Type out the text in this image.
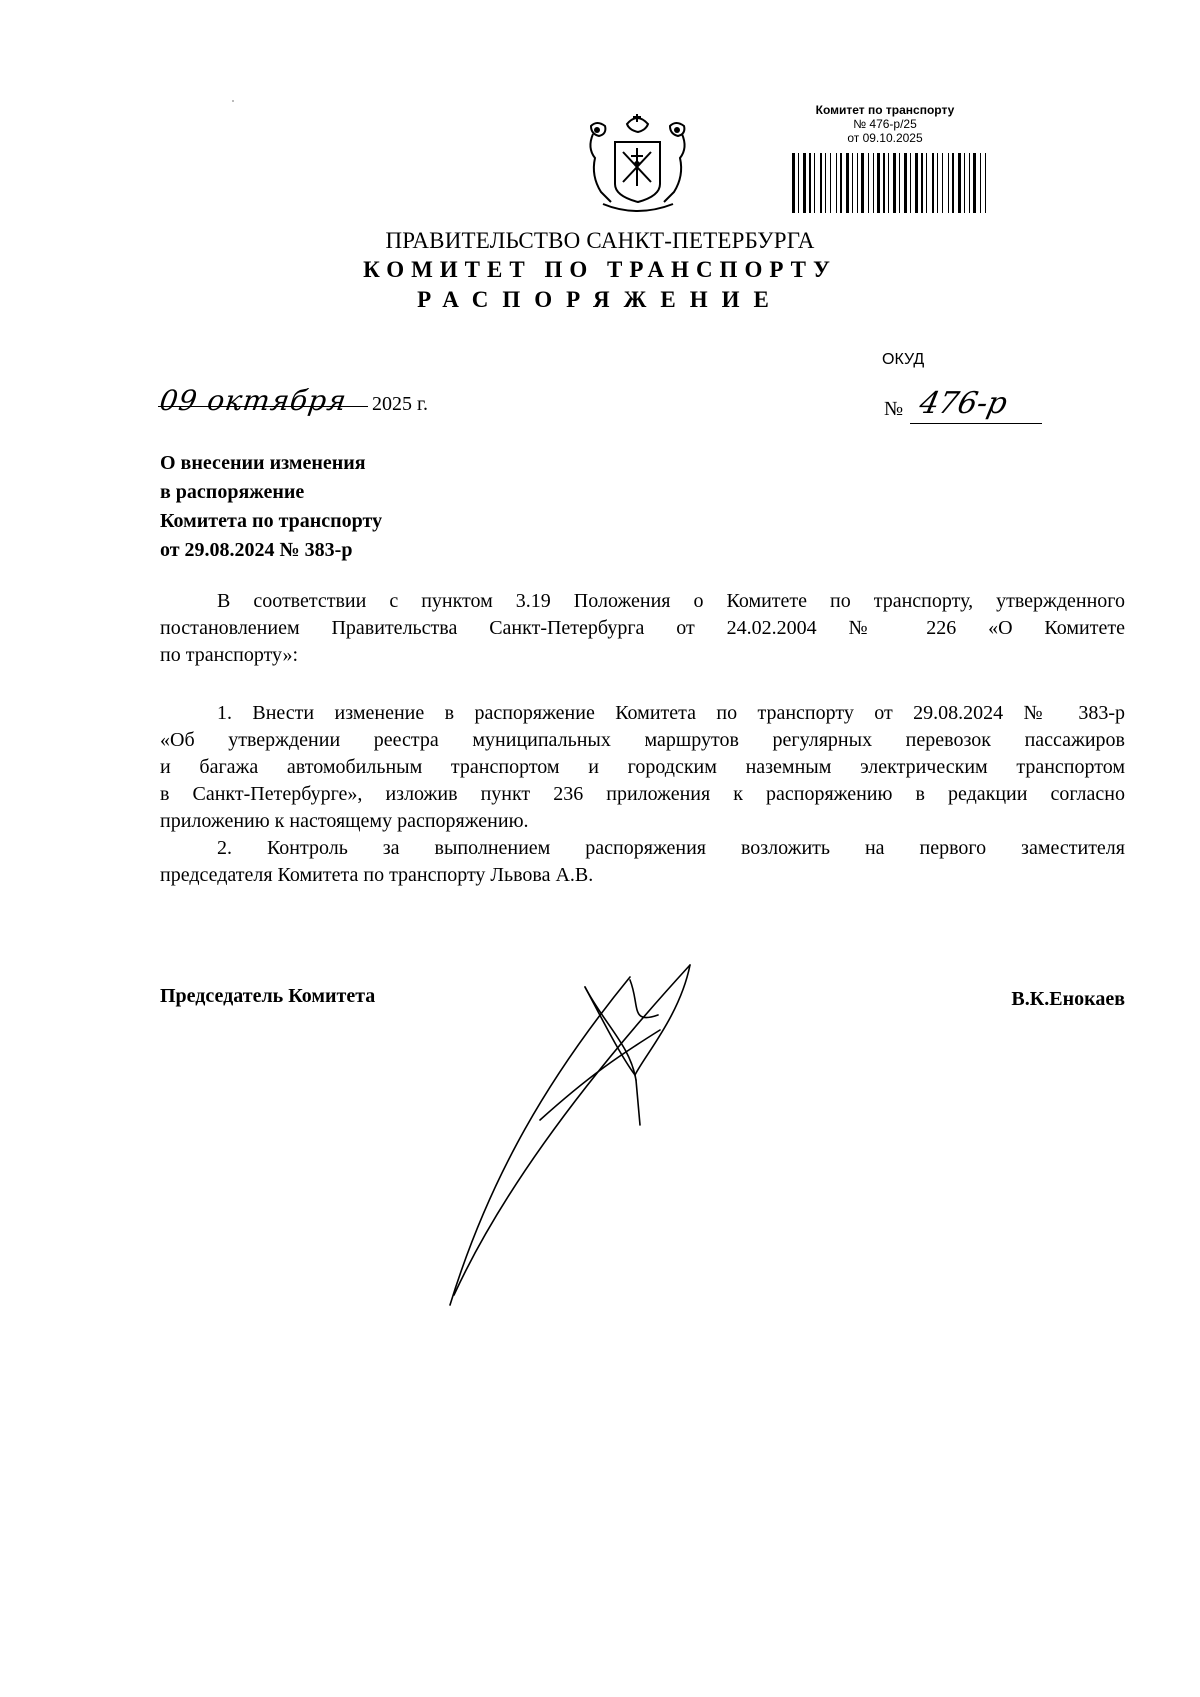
Комитет по транспорту
№ 476-р/25
от 09.10.2025
ПРАВИТЕЛЬСТВО САНКТ-ПЕТЕРБУРГА
КОМИТЕТ ПО ТРАНСПОРТУ
РАСПОРЯЖЕНИЕ
ОКУД
09 октября 2025 г.	№ 476-р
О внесении изменения
в распоряжение
Комитета по транспорту
от 29.08.2024 № 383-р

В соответствии с пунктом 3.19 Положения о Комитете по транспорту, утвержденного
постановлением Правительства Санкт-Петербурга от 24.02.2004 № 226 «О Комитете
по транспорту»:

1. Внести изменение в распоряжение Комитета по транспорту от 29.08.2024 № 383-р
«Об утверждении реестра муниципальных маршрутов регулярных перевозок пассажиров
и багажа автомобильным транспортом и городским наземным электрическим транспортом
в Санкт-Петербурге», изложив пункт 236 приложения к распоряжению в редакции согласно
приложению к настоящему распоряжению.

2. Контроль за выполнением распоряжения возложить на первого заместителя
председателя Комитета по транспорту Львова А.В.

Председатель Комитета	В.К.Енокаев
